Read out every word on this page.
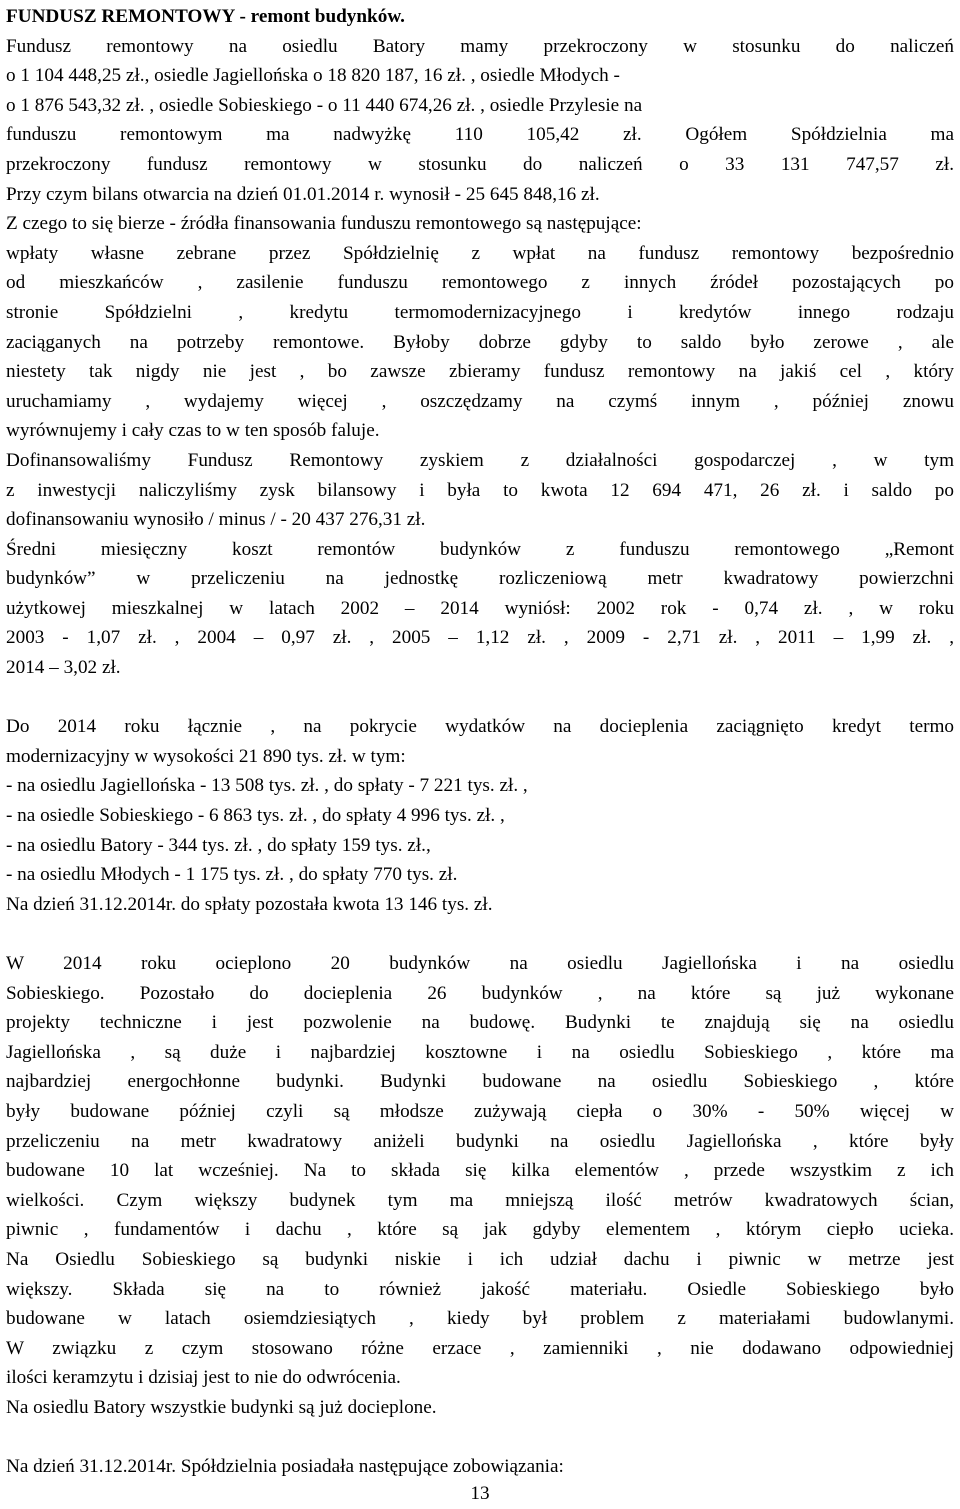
FUNDUSZ REMONTOWY - remont budynków.
Fundusz remontowy na osiedlu Batory mamy przekroczony w stosunku do naliczeń
o 1 104 448,25 zł., osiedle Jagiellońska o 18 820 187, 16 zł. , osiedle Młodych -
o 1 876 543,32 zł. , osiedle Sobieskiego - o 11 440 674,26 zł. , osiedle Przylesie na
funduszu remontowym ma nadwyżkę 110 105,42 zł. Ogółem Spółdzielnia ma
przekroczony fundusz remontowy w stosunku do naliczeń o 33 131 747,57 zł.
Przy czym bilans otwarcia na dzień 01.01.2014 r. wynosił - 25 645 848,16 zł.
Z czego to się bierze - źródła finansowania funduszu remontowego są następujące:
wpłaty własne zebrane przez Spółdzielnię z wpłat na fundusz remontowy bezpośrednio
od mieszkańców , zasilenie funduszu remontowego z innych źródeł pozostających po
stronie Spółdzielni , kredytu termomodernizacyjnego i kredytów innego rodzaju
zaciąganych na potrzeby remontowe. Byłoby dobrze gdyby to saldo było zerowe , ale
niestety tak nigdy nie jest , bo zawsze zbieramy fundusz remontowy na jakiś cel , który
uruchamiamy , wydajemy więcej , oszczędzamy na czymś innym , później znowu
wyrównujemy i cały czas to w ten sposób faluje.
Dofinansowaliśmy Fundusz Remontowy zyskiem z działalności gospodarczej , w tym
z inwestycji naliczyliśmy zysk bilansowy i była to kwota 12 694 471, 26 zł. i saldo po
dofinansowaniu wynosiło / minus / - 20 437 276,31 zł.
Średni miesięczny koszt remontów budynków z funduszu remontowego „Remont
budynków” w przeliczeniu na jednostkę rozliczeniową metr kwadratowy powierzchni
użytkowej mieszkalnej w latach 2002 – 2014 wyniósł: 2002 rok - 0,74 zł. , w roku
2003 - 1,07 zł. , 2004 – 0,97 zł. , 2005 – 1,12 zł. , 2009 - 2,71 zł. , 2011 – 1,99 zł. ,
2014 – 3,02 zł.
Do 2014 roku łącznie , na pokrycie wydatków na docieplenia zaciągnięto kredyt termo
modernizacyjny w wysokości 21 890 tys. zł. w tym:
- na osiedlu Jagiellońska - 13 508 tys. zł. , do spłaty - 7 221 tys. zł. ,
- na osiedle Sobieskiego - 6 863 tys. zł. , do spłaty 4 996 tys. zł. ,
- na osiedlu Batory - 344 tys. zł. , do spłaty 159 tys. zł.,
- na osiedlu Młodych - 1 175 tys. zł. , do spłaty 770 tys. zł.
Na dzień 31.12.2014r. do spłaty pozostała kwota 13 146 tys. zł.
W 2014 roku ocieplono 20 budynków na osiedlu Jagiellońska i na osiedlu
Sobieskiego. Pozostało do docieplenia 26 budynków , na które są już wykonane
projekty techniczne i jest pozwolenie na budowę. Budynki te znajdują się na osiedlu
Jagiellońska , są duże i najbardziej kosztowne i na osiedlu Sobieskiego , które ma
najbardziej energochłonne budynki. Budynki budowane na osiedlu Sobieskiego , które
były budowane później czyli są młodsze zużywają ciepła o 30% - 50% więcej w
przeliczeniu na metr kwadratowy aniżeli budynki na osiedlu Jagiellońska , które były
budowane 10 lat wcześniej. Na to składa się kilka elementów , przede wszystkim z ich
wielkości. Czym większy budynek tym ma mniejszą ilość metrów kwadratowych ścian,
piwnic , fundamentów i dachu , które są jak gdyby elementem , którym ciepło ucieka.
Na Osiedlu Sobieskiego są budynki niskie i ich udział dachu i piwnic w metrze jest
większy. Składa się na to również jakość materiału. Osiedle Sobieskiego było
budowane w latach osiemdziesiątych , kiedy był problem z materiałami budowlanymi.
W związku z czym stosowano różne erzace , zamienniki , nie dodawano odpowiedniej
ilości keramzytu i dzisiaj jest to nie do odwrócenia.
Na osiedlu Batory wszystkie budynki są już docieplone.
Na dzień 31.12.2014r. Spółdzielnia posiadała następujące zobowiązania:
13
